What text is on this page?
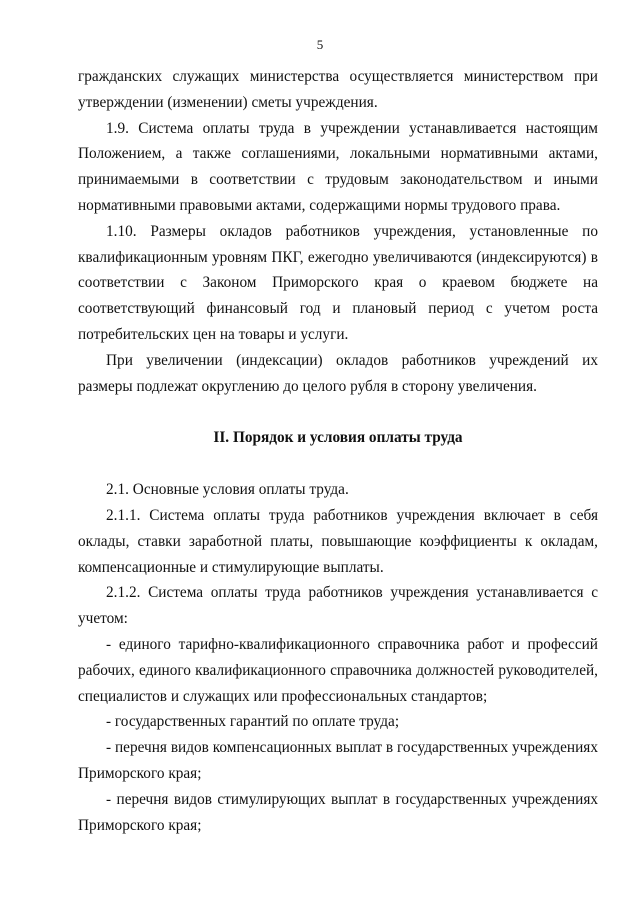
5

гражданских служащих министерства осуществляется министерством при утверждении (изменении) сметы учреждения.

1.9. Система оплаты труда в учреждении устанавливается настоящим Положением, а также соглашениями, локальными нормативными актами, принимаемыми в соответствии с трудовым законодательством и иными нормативными правовыми актами, содержащими нормы трудового права.

1.10. Размеры окладов работников учреждения, установленные по квалификационным уровням ПКГ, ежегодно увеличиваются (индексируются) в соответствии с Законом Приморского края о краевом бюджете на соответствующий финансовый год и плановый период с учетом роста потребительских цен на товары и услуги.

При увеличении (индексации) окладов работников учреждений их размеры подлежат округлению до целого рубля в сторону увеличения.

II. Порядок и условия оплаты труда

2.1. Основные условия оплаты труда.

2.1.1. Система оплаты труда работников учреждения включает в себя оклады, ставки заработной платы, повышающие коэффициенты к окладам, компенсационные и стимулирующие выплаты.

2.1.2. Система оплаты труда работников учреждения устанавливается с учетом:

- единого тарифно-квалификационного справочника работ и профессий рабочих, единого квалификационного справочника должностей руководителей, специалистов и служащих или профессиональных стандартов;

- государственных гарантий по оплате труда;

- перечня видов компенсационных выплат в государственных учреждениях Приморского края;

- перечня видов стимулирующих выплат в государственных учреждениях Приморского края;
